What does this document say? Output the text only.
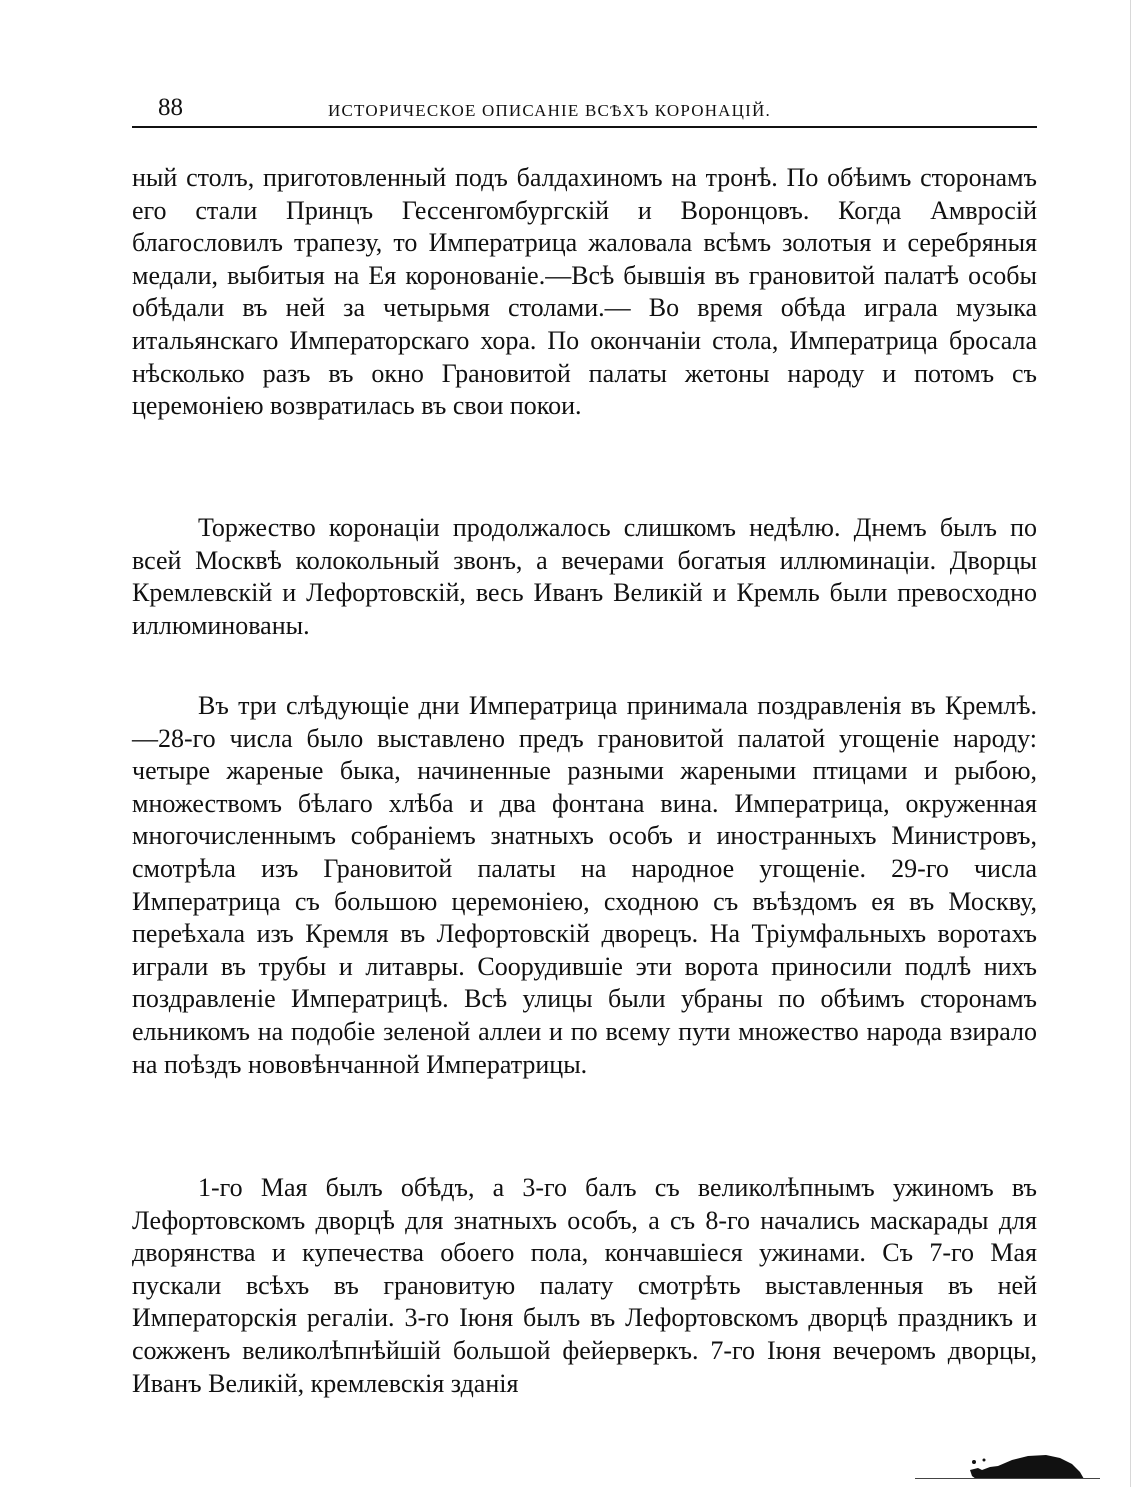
88	ИСТОРИЧЕСКОЕ ОПИСАНІЕ ВСѢХЪ КОРОНАЦІЙ.

ный столъ, приготовленный подъ балдахиномъ на тронѣ. По обѣимъ сторонамъ его стали Принцъ Гессенгомбургскій и Воронцовъ. Когда Амвросій благословилъ трапезу, то Императрица жаловала всѣмъ золотыя и серебряныя медали, выбитыя на Ея коронованіе.—Всѣ бывшія въ грановитой палатѣ особы обѣдали въ ней за четырьмя столами.— Во время обѣда играла музыка итальянскаго Императорскаго хора. По окончаніи стола, Императрица бросала нѣсколько разъ въ окно Грановитой палаты жетоны народу и потомъ съ церемоніею возвратилась въ свои покои.

Торжество коронаціи продолжалось слишкомъ недѣлю. Днемъ былъ по всей Москвѣ колокольный звонъ, а вечерами богатыя иллюминаціи. Дворцы Кремлевскій и Лефортовскій, весь Иванъ Великій и Кремль были превосходно иллюминованы.

Въ три слѣдующіе дни Императрица принимала поздравленія въ Кремлѣ.—28-го числа было выставлено предъ грановитой палатой угощеніе народу: четыре жареные быка, начиненные разными жареными птицами и рыбою, множествомъ бѣлаго хлѣба и два фонтана вина. Императрица, окруженная многочисленнымъ собраніемъ знатныхъ особъ и иностранныхъ Министровъ, смотрѣла изъ Грановитой палаты на народное угощеніе. 29-го числа Императрица съ большою церемоніею, сходною съ въѣздомъ ея въ Москву, переѣхала изъ Кремля въ Лефортовскій дворецъ. На Тріумфальныхъ воротахъ играли въ трубы и литавры. Соорудившіе эти ворота приносили подлѣ нихъ поздравленіе Императрицѣ. Всѣ улицы были убраны по обѣимъ сторонамъ ельникомъ на подобіе зеленой аллеи и по всему пути множество народа взирало на поѣздъ нововѣнчанной Императрицы.

1-го Мая былъ обѣдъ, а 3-го балъ съ великолѣпнымъ ужиномъ въ Лефортовскомъ дворцѣ для знатныхъ особъ, а съ 8-го начались маскарады для дворянства и купечества обоего пола, кончавшіеся ужинами. Съ 7-го Мая пускали всѣхъ въ грановитую палату смотрѣть выставленныя въ ней Императорскія регаліи. 3-го Іюня былъ въ Лефортовскомъ дворцѣ праздникъ и сожженъ великолѣпнѣйшій большой фейерверкъ. 7-го Іюня вечеромъ дворцы, Иванъ Великій, кремлевскія зданія
